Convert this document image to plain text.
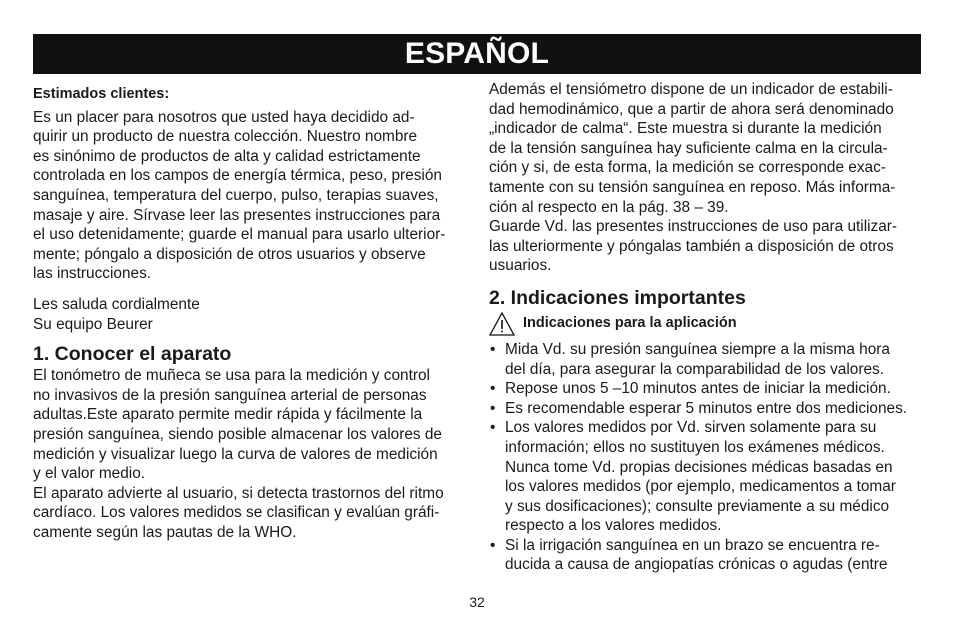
ESPAÑOL

Estimados clientes:

Es un placer para nosotros que usted haya decidido ad-
quirir un producto de nuestra colección. Nuestro nombre
es sinónimo de productos de alta y calidad estrictamente
controlada en los campos de energía térmica, peso, presión
sanguínea, temperatura del cuerpo, pulso, terapias suaves,
masaje y aire. Sírvase leer las presentes instrucciones para
el uso detenidamente; guarde el manual para usarlo ulterior-
mente; póngalo a disposición de otros usuarios y observe
las instrucciones.
Les saluda cordialmente
Su equipo Beurer
1. Conocer el aparato
El tonómetro de muñeca se usa para la medición y control
no invasivos de la presión sanguínea arterial de personas
adultas.Este aparato permite medir rápida y fácilmente la
presión sanguínea, siendo posible almacenar los valores de
medición y visualizar luego la curva de valores de medición
y el valor medio.
El aparato advierte al usuario, si detecta trastornos del ritmo
cardíaco. Los valores medidos se clasifican y evalúan gráfi-
camente según las pautas de la WHO.
Además el tensiómetro dispone de un indicador de estabili-
dad hemodinámico, que a partir de ahora será denominado
„indicador de calma“. Este muestra si durante la medición
de la tensión sanguínea hay suficiente calma en la circula-
ción y si, de esta forma, la medición se corresponde exac-
tamente con su tensión sanguínea en reposo. Más informa-
ción al respecto en la pág. 38 – 39.
Guarde Vd. las presentes instrucciones de uso para utilizar-
las ulteriormente y póngalas también a disposición de otros
usuarios.
2. Indicaciones importantes
Indicaciones para la aplicación
• Mida Vd. su presión sanguínea siempre a la misma hora
del día, para asegurar la comparabilidad de los valores.
• Repose unos 5 –10 minutos antes de iniciar la medición.
• Es recomendable esperar 5 minutos entre dos mediciones.
• Los valores medidos por Vd. sirven solamente para su
información; ellos no sustituyen los exámenes médicos.
Nunca tome Vd. propias decisiones médicas basadas en
los valores medidos (por ejemplo, medicamentos a tomar
y sus dosificaciones); consulte previamente a su médico
respecto a los valores medidos.
• Si la irrigación sanguínea en un brazo se encuentra re-
ducida a causa de angiopatías crónicas o agudas (entre
32
